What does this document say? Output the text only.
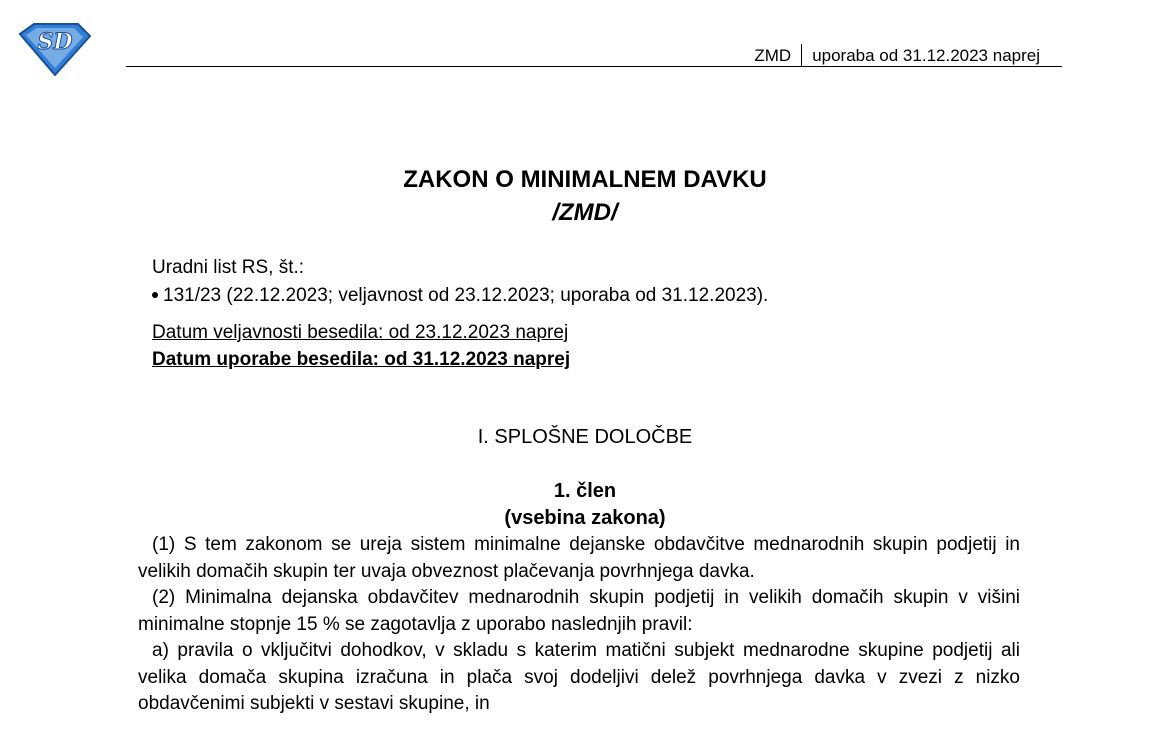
SD
ZMD uporaba od 31.12.2023 naprej
ZAKON O MINIMALNEM DAVKU
/ZMD/
Uradni list RS, št.:
131/23 (22.12.2023; veljavnost od 23.12.2023; uporaba od 31.12.2023).
Datum veljavnosti besedila: od 23.12.2023 naprej
Datum uporabe besedila: od 31.12.2023 naprej
I. SPLOŠNE DOLOČBE
1. člen
(vsebina zakona)

(1) S tem zakonom se ureja sistem minimalne dejanske obdavčitve mednarodnih skupin podjetij in velikih domačih skupin ter uvaja obveznost plačevanja povrhnjega davka.

(2) Minimalna dejanska obdavčitev mednarodnih skupin podjetij in velikih domačih skupin v višini minimalne stopnje 15 % se zagotavlja z uporabo naslednjih pravil:

a) pravila o vključitvi dohodkov, v skladu s katerim matični subjekt mednarodne skupine podjetij ali velika domača skupina izračuna in plača svoj dodeljivi delež povrhnjega davka v zvezi z nizko obdavčenimi subjekti v sestavi skupine, in
